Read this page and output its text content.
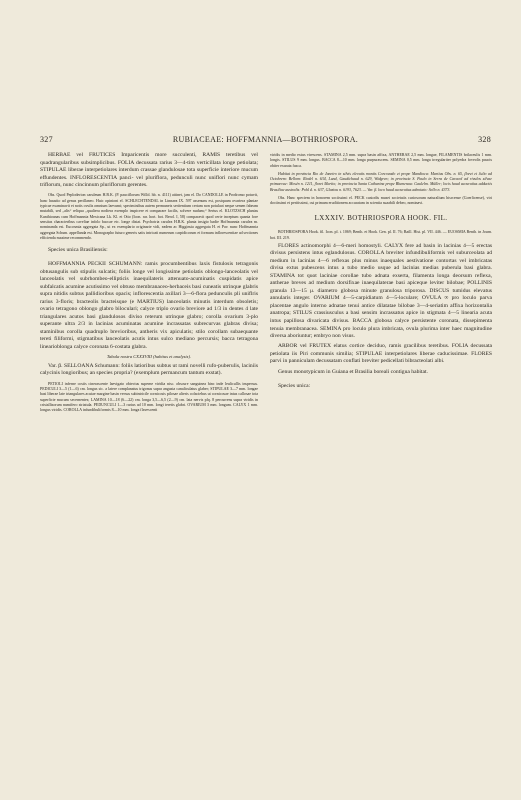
327	RUBIACEAE: HOFFMANNIA—BOTHRIOSPORA.	328

HERBAE vel FRUTICES Imparicentis more succulenti, RAMIS teretibus vel quadrangularibus subsimplicibus. FOLIA decussata rarius 3—4-tim verticillata longe petiolata; STIPULAE liberae interpetiolares interdum crassae glandulosae tota superficie interiore mucum effundentes. INFLORESCENTIA panci- vel pluriflora, pedunculi nunc uniflori nunc cymam triflorum, nunc cincinnum pluriflorum gerentes.

Obs. Quod Peploderion caruleum H.B.K. (P. pauciflorum Willd. hb. n. 4111) attinet, jam el. Do CANDOLLE in Prodromo potuvit, hanc haustio ad genus perillaneo. Huic opinioni el. SCHLECHTENDAL in Linnaea IX. 597 assenuns est, postquam ovariera plantae typicae examinavit et notis ovulis omnium laevumi; speciminibus autem permuneis seritentium certam non potulaot neque semen fabeam mutabili, sed „alis“ reliqua „qualiera nodiera exemplo inspicere et comparare facilis, solvere nudum;“ Sertus el. KLOTZSCH plantas Kunthioanas cum Hoffmannia Mexicana Lk. Kl. et Otto (Icon. rar. hort. bot. Berol. I, 58) comparavit quod certe inceptum quanta fore sensitas characteribus caveliae infolo baccae etc. longe distat. Psychotria carulea H.B.K. planta insigio badie Hoffmannia carulea m. nominanda est. Eucosmia aggregata Sp., ut ex exemplario originarie vidi, eadem ac Higginsia aggregata H. et Pav. nunc Hoffmannia aggregata Schum. appellanda est. Monographo futuro generis satis intricati numerum carpidicorum et formam inflorescentiae ad sectiones efficienda maxime recommendo.

Species unica Brasiliensis:

HOFFMANNIA PECKII SCHUMANN: ramis procumbentibus laxis fistulosis tetragonis obtusangulis sub stipulis sulcatis; foliis longe vel longissime petiolatis oblongo-lanceolatis vel lanceolatis vel subrhombeo-ellipticis inaequilateris attenuato-acuminatis cuspidatis apice subfalcatis acumine acutissimo vel obtuso membranaceo-herbaceis basi cuneatis utrinque glabris supra nitidis subtus pallidioribus opacis; inflorescentia axillari 3—6-flora pedunculis pli uniflris rarius 3-floris; bracteolis bracteisque (e MARTIUS) lanceolatis minutis interdum obsoletis; ovario tetragono oblongo glabro biloculari; calyce triplo ovario breviore ad 1/3 in dentes 4 late triangulares acutos basi glandulosos diviso reterum utrinque glabro; corolla ovarium 3-plo superante ultra 2/3 in lacinias acuminatas acumine incrassatas subrecurvas glabras divisa; staminibus corolla quadruplo brevioribus, antheris vix apiculatis; stilo corollam subaequante tereti filiformi, stigmatibus lanceolatis acutis intus sulco mediano percursis; bacca tetragona linearioblonga calyce coronata 6-costata glabra.

Tabula nostra CXXXVIII (habitus et analysis).

Var. β. SELLOANA Schumann: foliis latioribus subtus ut rami novelli rufo-puberulis, laciniis calycinis longioribus; an species propria? (exemplum permancum tantum exstat).

PETIOLI inferne costis cinerascente laevigato obtectus superne viridia nisc. obscure sanguinea hinc inde leulicullis inspersus. PEDICULI 3—5 (1—6) cm. longus sic. a latere complanatus trigonus supra angusta canaliculatus glaber; STIPULAE 3—7 mm. longae basi liberae late triangulares acutae margine basin versus subintricile cornicosis pilosae alteris cofaciebus ut cornicosae intus callosae tota superficie mucum secernentes; LAMINA 10—18 (6—22) cm. longa 3,5—6,5 (2—9) cm. lata nervis plq. 8 percurrens supra viridis in cristallisorum numifero striatula. PEDUNCULI 1—3 rarius ad 10 mm. longi teretis glabri. OVARIUM 3 mm. longum. CALYX 1 mm. longus viridis. COROLLA infundibuliformis 8—10 mm. longa flavescenti

viridis in medio extus virescens. STAMINA 2,5 mm. supra basin affixa, ANTHERAE 2,5 mm. longae, FILAMENTIS brilaceulis 1 mm. longis. STILUS 9 mm. longus. BACCA 8—10 mm. longa purpurascens. SEMINA 0,5 mm. longa irregulariter polyedra foveolis paucis obiter exarata fusca.

Habitat in provincia Rio de Janeiro in silvis elevatis montis Corcovado et prope Mandioca: Martius Obs. n. 65, floret et Julio ad Octobrem: Bellom: Riedel n. 634, Lund, Gaudichaud n. 629, Widgren; in provincia S. Paulo in Serra de Caracol ad rivulos silvae primaevae: Mosén n. 1211, floret Martio; in provincia Santa Catharina prope Blumenau: Gaulelm. Müller; locis haud accuratius adductis Brasiliae australis: Pohl d. n. 637, Glaziou n. 6193, 7623. — Var. β. loco haud accuratius adnotato: Sello n. 4373.

Obs. Hanc speciem in honorem sociissimi el. PECK custodis musei societatis curiosorum naturalium hisrcense (Goerlicense), viri doctissimi et peritissimi, cui primam eruditionem accuratam in scientia suaabili debeo, nominavi.

LXXXIV. BOTHRIOSPORA HOOK. FIL.

BOTHRIOSPORA Hook. fil. Icon. pl. t. 1069; Benth. et Hook. Gen. pl. II. 76; Baill. Hist. pl. VII. 446. — EUOSMIA Benth. in Journ. bot. III. 219.

FLORES actinomorphi 4—6-meri homostyli. CALYX fere ad basin in lacinias 4—5 erectas divisus persistens intus eglandulosus. COROLLA breviter infundibuliformis vel suburceolata ad medium in lacinias 4—6 reflexas plus minus inaequales aestivatione contortas vel imbricatas divisa extus pubescens intus a tubo medio usque ad lacinias medias puberula basi glabra. STAMINA tot quot laciniae corollae tubo adnata exserta, filamenta longa deorsum reflexa, antherae breves ad medium dorsifixae inaequilaterae basi apiceque leviter bilobae; POLLINIS granula 13—15 μ. diametro globosa minute granulosa triporosa. DISCUS tumidus elevatus annularis integer. OVARIUM 4—5-carpidiatum 4—5-loculare; OVULA ∞ pro loculo parva placentae angulo interno adnatae tenui antice dilatatae bilobae 3—4-seriatim affixa horizontalia anatropa; STILUS crassiusculus a basi sensim incrassatus apice in stigmata 4—5 linearia acuta intus papillosa divaricata divisus. BACCA globosa calyce persistente coronata, dissepimenta tenuia membranacea. SEMINA pro loculo plura imbricata, ovula plurima inter haec magnitudine diversa aboriuntur; embryo non visus.

ARBOR vel FRUTEX elatus cortice deciduo, ramis gracilibus teretibus. FOLIA decussata petiolata iis Piri communis similia; STIPULAE interpetiolares liberae caducissimae. FLORES parvi in panniculam decussatam conflati breviter pedicellati bibracteolati albi.

Genus monotypicum in Guiana et Brasilia boreali contigua habitat.

Species unica:
